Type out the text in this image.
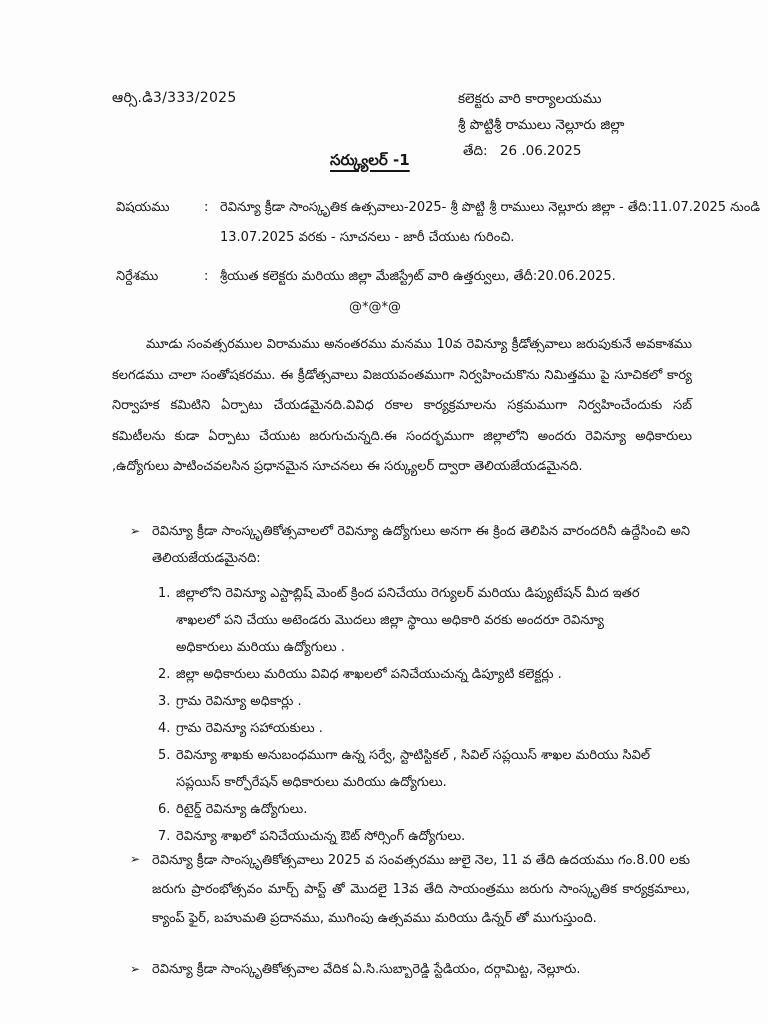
ఆర్సి.డి3/333/2025	కలెక్టరు వారి కార్యాలయము
శ్రీ పొట్టిశ్రీ రాములు నెల్లూరు జిల్లా
తేది: 26 .06.2025
సర్క్యులర్ -1
విషయము	: రెవిన్యూ క్రీడా సాంస్కృతిక ఉత్సవాలు-2025- శ్రీ పొట్టి శ్రీ రాములు నెల్లూరు జిల్లా - తేది:11.07.2025 నుండి 13.07.2025 వరకు - సూచనలు - జారీ చేయుట గురించి.
నిర్దేశము	: శ్రీయుత కలెక్టరు మరియు జిల్లా మేజిస్ట్రేట్ వారి ఉత్తర్వులు, తేదీ:20.06.2025.
@*@*@
మూడు సంవత్సరముల విరామము అనంతరము మనము 10వ రెవిన్యూ క్రీడోత్సవాలు జరుపుకునే అవకాశము కలగడము చాలా సంతోషకరము. ఈ క్రీడోత్సవాలు విజయవంతముగా నిర్వహించుకొను నిమిత్తము పై సూచికలో కార్య నిర్వాహక కమిటిని ఏర్పాటు చేయడమైనది.వివిధ రకాల కార్యక్రమాలను సక్రమముగా నిర్వహించేందుకు సబ్ కమిటీలను కుడా ఏర్పాటు చేయుట జరుగుచున్నది.ఈ సందర్భముగా జిల్లాలోని అందరు రెవిన్యూ అధికారులు ,ఉద్యోగులు పాటించవలసిన ప్రధానమైన సూచనలు ఈ సర్క్యులర్ ద్వారా తెలియజేయడమైనది.
➢ రెవిన్యూ క్రీడా సాంస్కృతికోత్సవాలలో రెవిన్యూ ఉద్యోగులు అనగా ఈ క్రింద తెలిపిన వారందరినీ ఉద్దేసించి అని తెలియజేయడమైనది:
1. జిల్లాలోని రెవిన్యూ ఎస్టాబ్లిష్ మెంట్ క్రింద పనిచేయు రెగ్యులర్ మరియు డిప్యుటేషన్ మీద ఇతర శాఖలలో పని చేయు అటెండరు మొదలు జిల్లా స్థాయి అధికారి వరకు అందరూ రెవిన్యూ అధికారులు మరియు ఉద్యోగులు .
2. జిల్లా అధికారులు మరియు వివిధ శాఖలలో పనిచేయుచున్న డిప్యూటి కలెక్టర్లు .
3. గ్రామ రెవిన్యూ అధికార్లు .
4. గ్రామ రెవిన్యూ సహాయకులు .
5. రెవిన్యూ శాఖకు అనుబంధముగా ఉన్న సర్వే, స్టాటిస్టికల్ , సివిల్ సప్లయిస్ శాఖల మరియు సివిల్ సప్లయిస్ కార్పోరేషన్ అధికారులు మరియు ఉద్యోగులు.
6. రిటైర్డ్ రెవిన్యూ ఉద్యోగులు.
7. రెవిన్యూ శాఖలో పనిచేయుచున్న ఔట్ సోర్సింగ్ ఉద్యోగులు.
➢ రెవిన్యూ క్రీడా సాంస్కృతికోత్సవాలు 2025 వ సంవత్సరము జులై నెల, 11 వ తేది ఉదయము గం.8.00 లకు జరుగు ప్రారంభోత్సవం మార్చ్ పాస్ట్ తో మొదలై 13వ తేది సాయంత్రము జరుగు సాంస్కృతిక కార్యక్రమాలు, క్యాంప్ ఫైర్, బహుమతి ప్రదానము, ముగింపు ఉత్సవము మరియు డిన్నర్ తో ముగుస్తుంది.
➢ రెవిన్యూ క్రీడా సాంస్కృతికోత్సవాల వేదిక ఏ.సి.సుబ్బారెడ్డి స్టేడియం, దర్గామిట్ట, నెల్లూరు.
